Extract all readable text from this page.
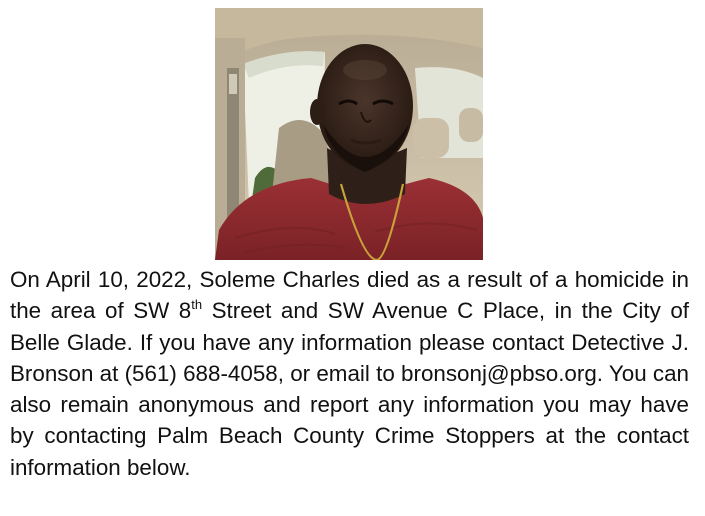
On April 10, 2022, Soleme Charles died as a result of a homicide in the area of SW 8th Street and SW Avenue C Place, in the City of Belle Glade. If you have any information please contact Detective J. Bronson at (561) 688-4058, or email to bronsonj@pbso.org. You can also remain anonymous and report any information you may have by contacting Palm Beach County Crime Stoppers at the contact information below.
